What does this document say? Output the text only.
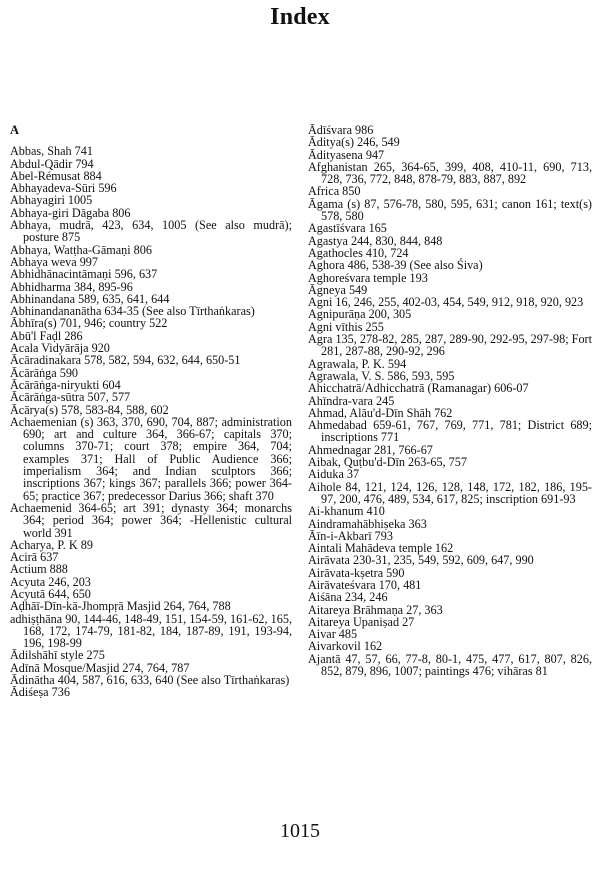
Index
A
Abbas, Shah 741
Abdul-Qādir 794
Abel-Rémusat 884
Abhayadeva-Sūri 596
Abhayagiri 1005
Abhaya-giri Dāgaba 806
Abhaya, mudrā, 423, 634, 1005 (See also mudrā); posture 875
Abhaya, Watṭha-Gāmaṇi 806
Abhaya weva 997
Abhidhānacintāmaṇi 596, 637
Abhidharma 384, 895-96
Abhinandana 589, 635, 641, 644
Abhinandananātha 634-35 (See also Tīrthaṅkaras)
Ābhīra(s) 701, 946; country 522
Abū'l Faḍl 286
Acala Vidyārāja 920
Ācāradinakara 578, 582, 594, 632, 644, 650-51
Ācārāṅga 590
Ācārāṅga-niryukti 604
Ācārāṅga-sūtra 507, 577
Ācārya(s) 578, 583-84, 588, 602
Achaemenian (s) 363, 370, 690, 704, 887; administration 690; art and culture 364, 366-67; capitals 370; columns 370-71; court 378; empire 364, 704; examples 371; Hall of Public Audience 366; imperialism 364; and Indian sculptors 366; inscriptions 367; kings 367; parallels 366; power 364-65; practice 367; predecessor Darius 366; shaft 370
Achaemenid 364-65; art 391; dynasty 364; monarchs 364; period 364; power 364; -Hellenistic cultural world 391
Acharya, P. K 89
Acirā 637
Actium 888
Acyuta 246, 203
Acyutā 644, 650
Aḍhāī-Dīn-kā-Jhompṛā Masjid 264, 764, 788
adhiṣṭhāna 90, 144-46, 148-49, 151, 154-59, 161-62, 165, 168, 172, 174-79, 181-82, 184, 187-89, 191, 193-94, 196, 198-99
Ādilshāhī style 275
Adīnā Mosque/Masjid 274, 764, 787
Ādinātha 404, 587, 616, 633, 640 (See also Tīrthaṅkaras)
Ādiśeṣa 736
Ādīśvara 986
Āditya(s) 246, 549
Ādityasena 947
Afghanistan 265, 364-65, 399, 408, 410-11, 690, 713, 728, 736, 772, 848, 878-79, 883, 887, 892
Africa 850
Āgama (s) 87, 576-78, 580, 595, 631; canon 161; text(s) 578, 580
Agastīśvara 165
Agastya 244, 830, 844, 848
Agathocles 410, 724
Aghora 486, 538-39 (See also Śiva)
Aghoreśvara temple 193
Āgneya 549
Agni 16, 246, 255, 402-03, 454, 549, 912, 918, 920, 923
Agnipurāṇa 200, 305
Agni vīthis 255
Agra 135, 278-82, 285, 287, 289-90, 292-95, 297-98; Fort 281, 287-88, 290-92, 296
Agrawala, P. K. 594
Agrawala, V. S. 586, 593, 595
Ahicchatrā/Adhicchatrā (Ramanagar) 606-07
Ahīndra-vara 245
Ahmad, Alāu'd-Dīn Shāh 762
Ahmedabad 659-61, 767, 769, 771, 781; District 689; inscriptions 771
Ahmednagar 281, 766-67
Aibak, Quṭbu'd-Dīn 263-65, 757
Aiduka 37
Aihole 84, 121, 124, 126, 128, 148, 172, 182, 186, 195-97, 200, 476, 489, 534, 617, 825; inscription 691-93
Ai-khanum 410
Aindramahābhiṣeka 363
Āīn-i-Akbarī 793
Aintali Mahādeva temple 162
Airāvata 230-31, 235, 549, 592, 609, 647, 990
Airāvata-kṣetra 590
Airāvateśvara 170, 481
Aiśāna 234, 246
Aitareya Brāhmaṇa 27, 363
Aitareya Upaniṣad 27
Aivar 485
Aivarkovil 162
Ajantā 47, 57, 66, 77-8, 80-1, 475, 477, 617, 807, 826, 852, 879, 896, 1007; paintings 476; vihāras 81
1015
